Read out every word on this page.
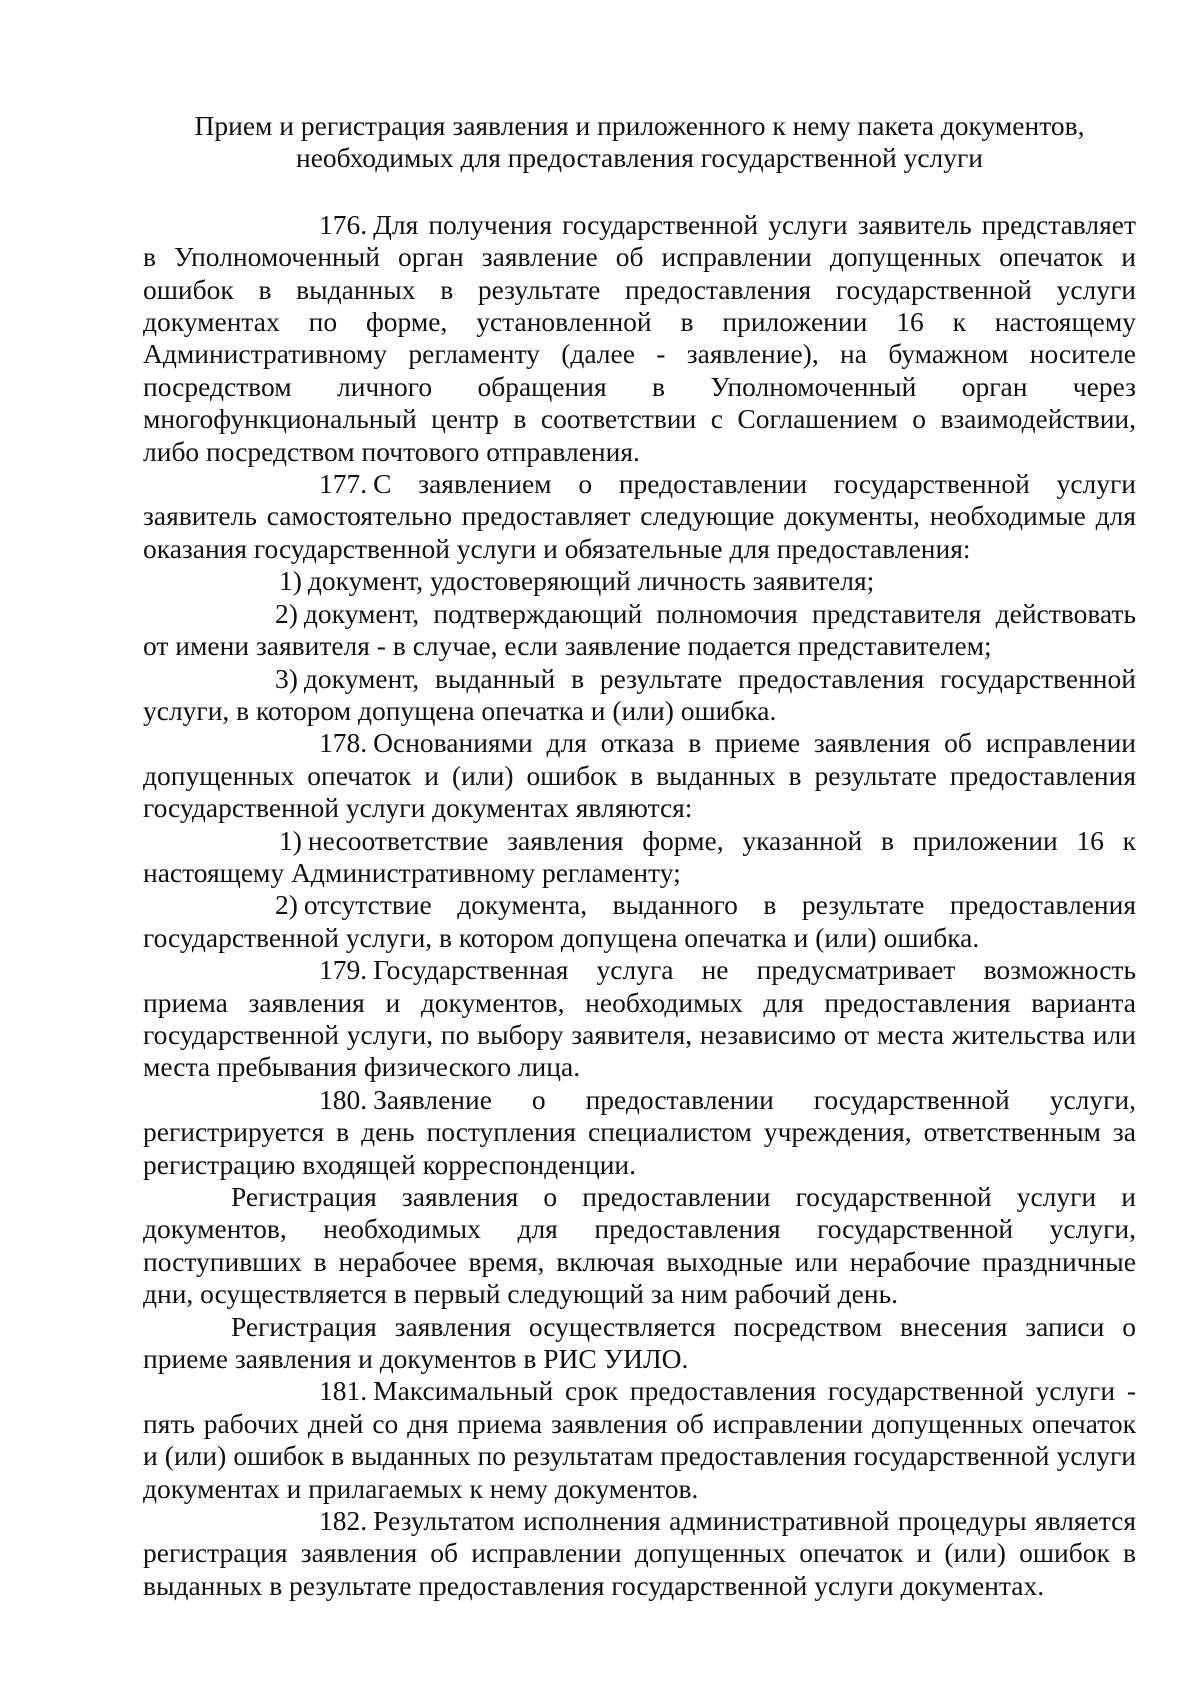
Прием и регистрация заявления и приложенного к нему пакета документов,
необходимых для предоставления государственной услуги

176. Для получения государственной услуги заявитель представляет в Уполномоченный орган заявление об исправлении допущенных опечаток и ошибок в выданных в результате предоставления государственной услуги документах по форме, установленной в приложении 16 к настоящему Административному регламенту (далее - заявление), на бумажном носителе посредством личного обращения в Уполномоченный орган через многофункциональный центр в соответствии с Соглашением о взаимодействии, либо посредством почтового отправления.

177. С заявлением о предоставлении государственной услуги заявитель самостоятельно предоставляет следующие документы, необходимые для оказания государственной услуги и обязательные для предоставления:

1) документ, удостоверяющий личность заявителя;

2) документ, подтверждающий полномочия представителя действовать от имени заявителя - в случае, если заявление подается представителем;

3) документ, выданный в результате предоставления государственной услуги, в котором допущена опечатка и (или) ошибка.

178. Основаниями для отказа в приеме заявления об исправлении допущенных опечаток и (или) ошибок в выданных в результате предоставления государственной услуги документах являются:

1) несоответствие заявления форме, указанной в приложении 16 к настоящему Административному регламенту;

2) отсутствие документа, выданного в результате предоставления государственной услуги, в котором допущена опечатка и (или) ошибка.

179. Государственная услуга не предусматривает возможность приема заявления и документов, необходимых для предоставления варианта государственной услуги, по выбору заявителя, независимо от места жительства или места пребывания физического лица.

180. Заявление о предоставлении государственной услуги, регистрируется в день поступления специалистом учреждения, ответственным за регистрацию входящей корреспонденции.

Регистрация заявления о предоставлении государственной услуги и документов, необходимых для предоставления государственной услуги, поступивших в нерабочее время, включая выходные или нерабочие праздничные дни, осуществляется в первый следующий за ним рабочий день.

Регистрация заявления осуществляется посредством внесения записи о приеме заявления и документов в РИС УИЛО.

181. Максимальный срок предоставления государственной услуги - пять рабочих дней со дня приема заявления об исправлении допущенных опечаток и (или) ошибок в выданных по результатам предоставления государственной услуги документах и прилагаемых к нему документов.

182. Результатом исполнения административной процедуры является регистрация заявления об исправлении допущенных опечаток и (или) ошибок в выданных в результате предоставления государственной услуги документах.
